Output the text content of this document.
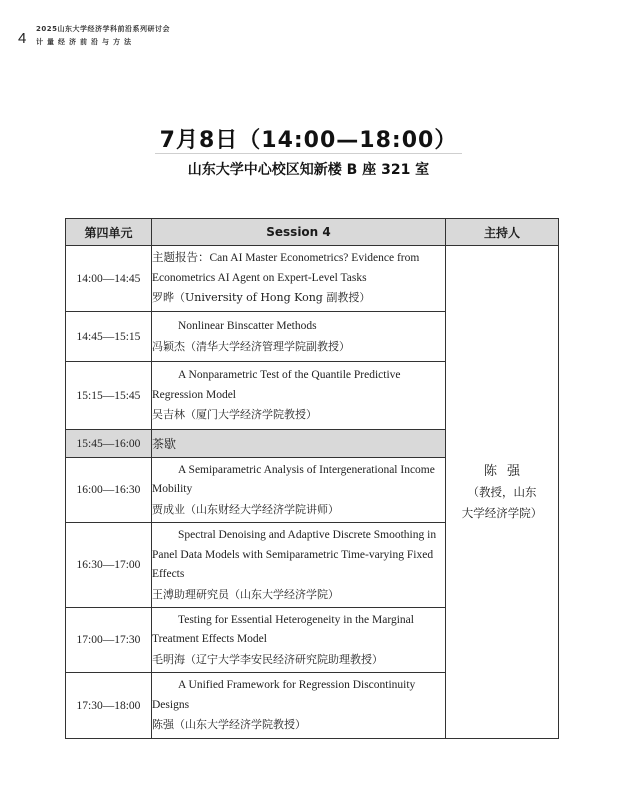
4
2025山东大学经济学科前沿系列研讨会
计量经济前沿与方法
7月8日（14:00—18:00）
山东大学中心校区知新楼 B 座 321 室
第四单元	Session 4	主持人
14:00—14:45	主题报告：Can AI Master Econometrics? Evidence from Econometrics AI Agent on Expert-Level Tasks
罗晔（University of Hong Kong 副教授）	陈强
（教授，山东
大学经济学院）

14:45—15:15	Nonlinear Binscatter Methods
冯颖杰（清华大学经济管理学院副教授）	

15:15—15:45	A Nonparametric Test of the Quantile Predictive Regression Model
吴吉林（厦门大学经济学院教授）	

15:45—16:00	茶歇	
16:00—16:30	A Semiparametric Analysis of Intergenerational Income Mobility
贾成业（山东财经大学经济学院讲师）	

16:30—17:00	Spectral Denoising and Adaptive Discrete Smoothing in Panel Data Models with Semiparametric Time-varying Fixed Effects
王溥助理研究员（山东大学经济学院）	

17:00—17:30	Testing for Essential Heterogeneity in the Marginal Treatment Effects Model
毛明海（辽宁大学李安民经济研究院助理教授）	

17:30—18:00	A Unified Framework for Regression Discontinuity Designs
陈强（山东大学经济学院教授）	
